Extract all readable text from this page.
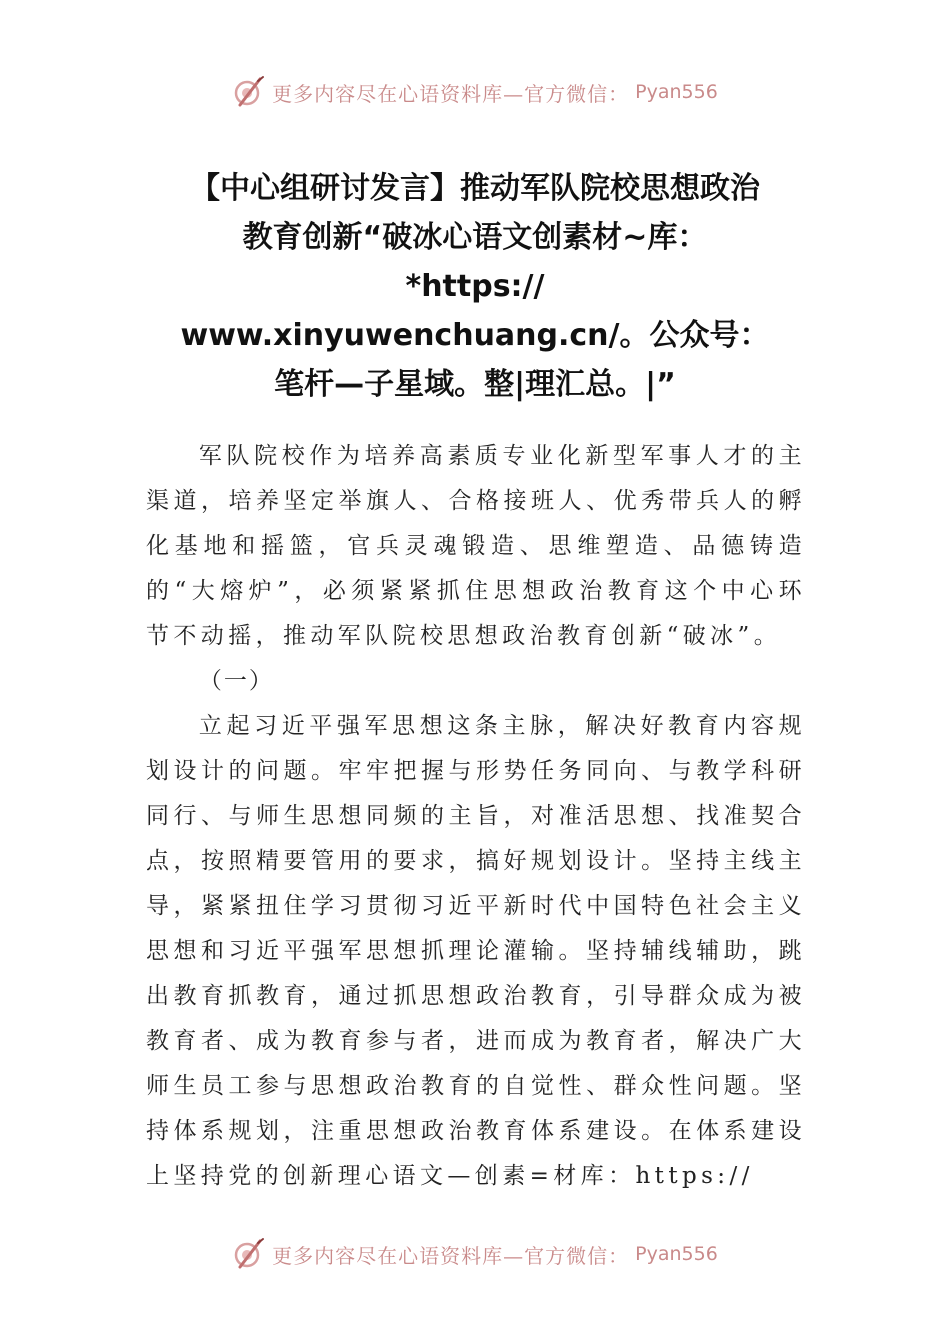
更多内容尽在心语资料库—官方微信： Pyan556
【中心组研讨发言】推动军队院校思想政治
教育创新“破冰心语文创素材~库：
*https://
www.xinyuwenchuang.cn/。公众号：
笔杆—子星域。整|理汇总。|”

军队院校作为培养高素质专业化新型军事人才的主渠道，培养坚定举旗人、合格接班人、优秀带兵人的孵化基地和摇篮，官兵灵魂锻造、思维塑造、品德铸造的“大熔炉”，必须紧紧抓住思想政治教育这个中心环节不动摇，推动军队院校思想政治教育创新“破冰”。

（一）

立起习近平强军思想这条主脉，解决好教育内容规划设计的问题。牢牢把握与形势任务同向、与教学科研同行、与师生思想同频的主旨，对准活思想、找准契合点，按照精要管用的要求，搞好规划设计。坚持主线主导，紧紧扭住学习贯彻习近平新时代中国特色社会主义思想和习近平强军思想抓理论灌输。坚持辅线辅助，跳出教育抓教育，通过抓思想政治教育，引导群众成为被教育者、成为教育参与者，进而成为教育者，解决广大师生员工参与思想政治教育的自觉性、群众性问题。坚持体系规划，注重思想政治教育体系建设。在体系建设上坚持党的创新理心语文—创素=材库：https://

更多内容尽在心语资料库—官方微信： Pyan556
